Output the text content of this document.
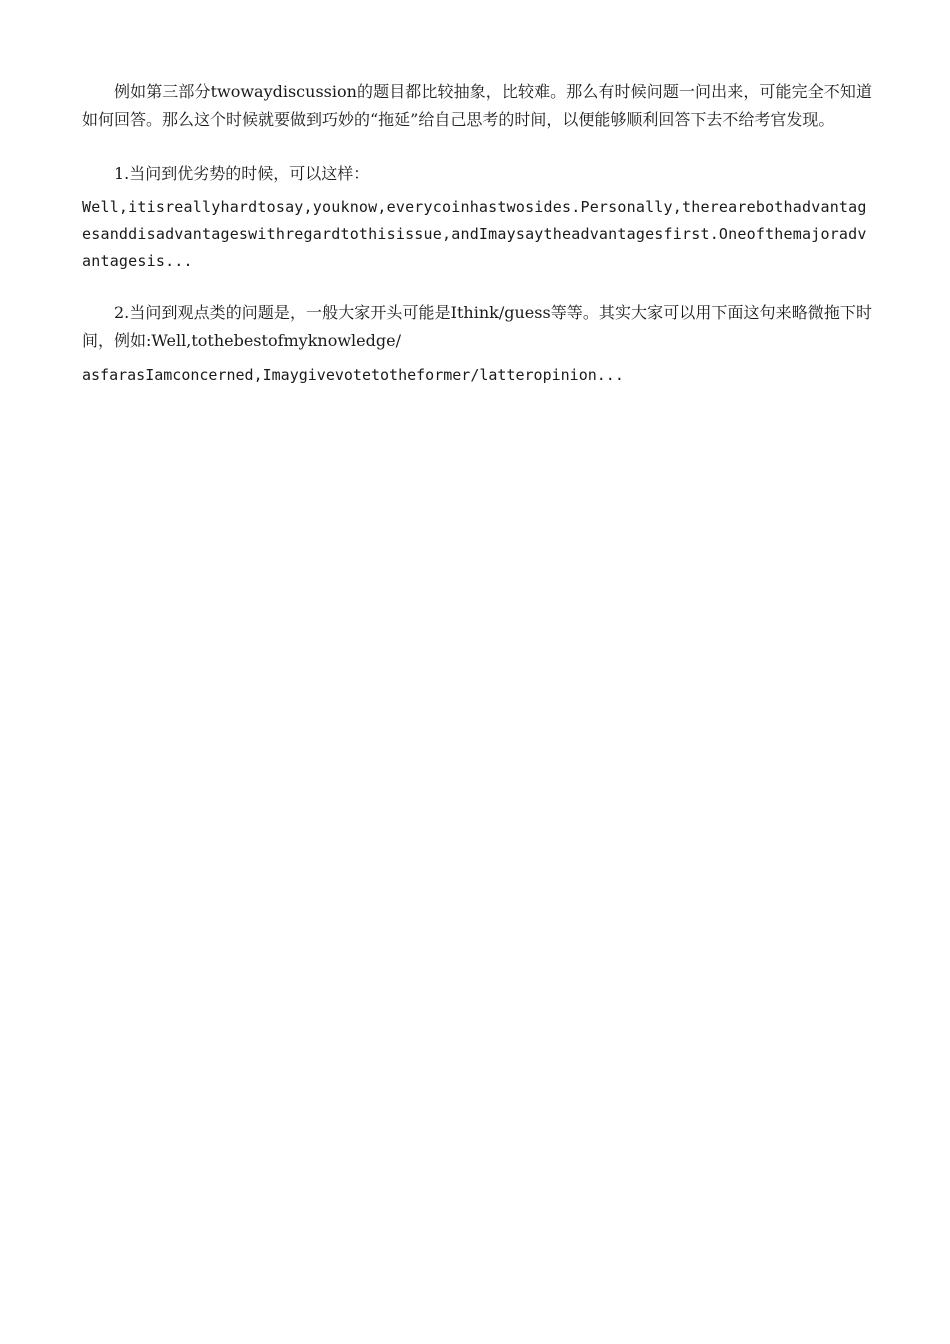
例如第三部分twowaydiscussion的题目都比较抽象，比较难。那么有时候问题一问出来，可能完全不知道如何回答。那么这个时候就要做到巧妙的“拖延”给自己思考的时间，以便能够顺利回答下去不给考官发现。

1.当问到优劣势的时候，可以这样：

Well,itisreallyhardtosay,youknow,everycoinhastwosides.Personally,therearebothadvantagesanddisadvantageswithregardtothisissue,andImaysaytheadvantagesfirst.Oneofthemajoradvantagesis...

2.当问到观点类的问题是，一般大家开头可能是Ithink/guess等等。其实大家可以用下面这句来略微拖下时间，例如:Well,tothebestofmyknowledge/

asfarasIamconcerned,Imaygivevotetotheformer/latteropinion...
